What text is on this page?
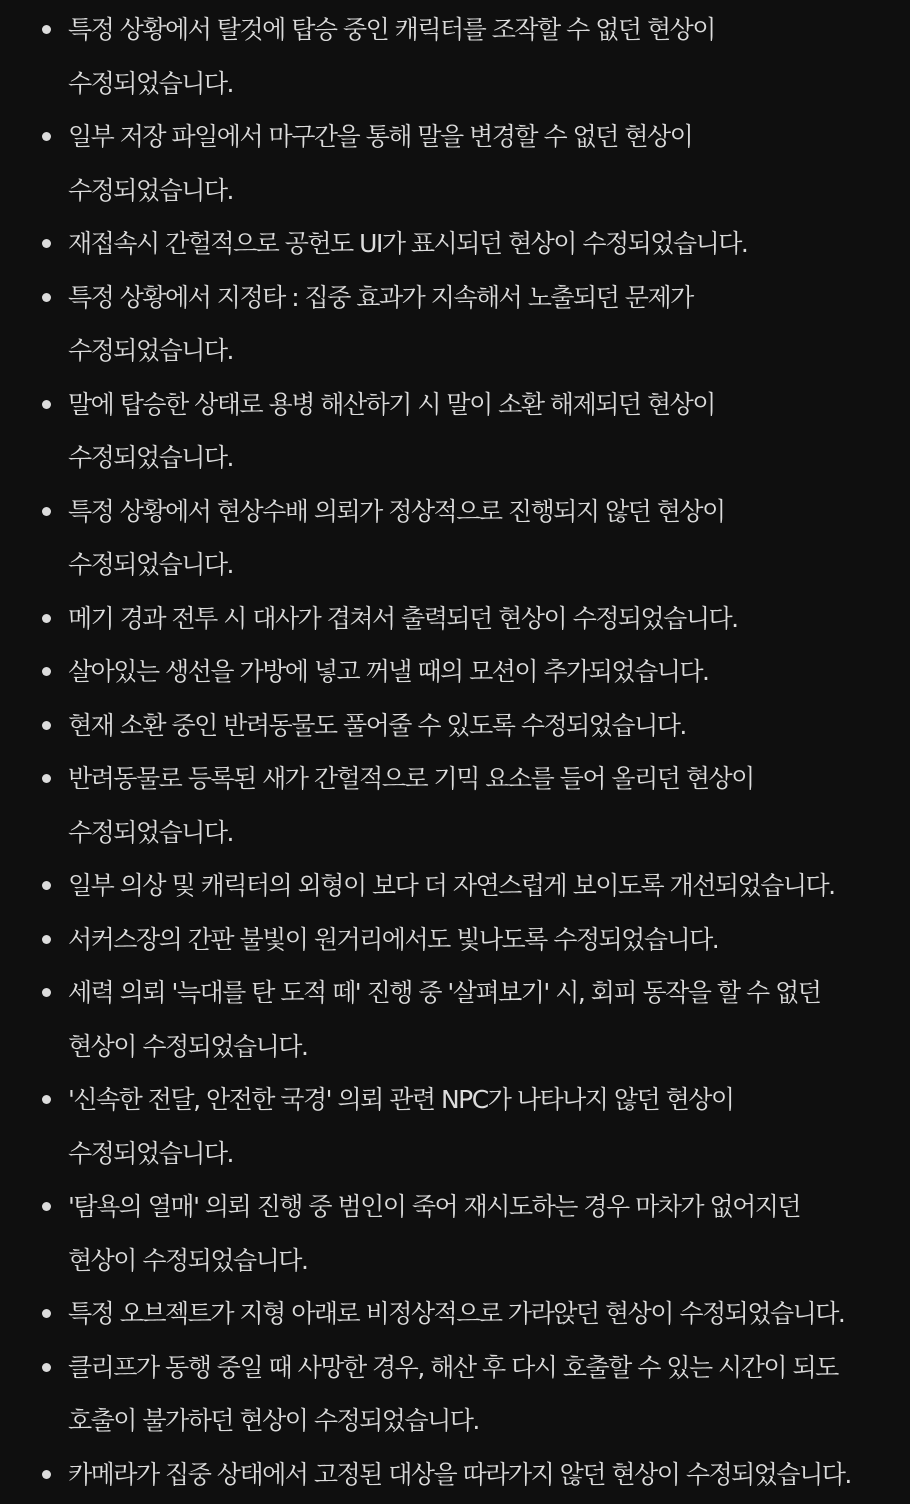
특정 상황에서 탈것에 탑승 중인 캐릭터를 조작할 수 없던 현상이
수정되었습니다.
일부 저장 파일에서 마구간을 통해 말을 변경할 수 없던 현상이
수정되었습니다.
재접속시 간헐적으로 공헌도 UI가 표시되던 현상이 수정되었습니다.
특정 상황에서 지정타 : 집중 효과가 지속해서 노출되던 문제가
수정되었습니다.
말에 탑승한 상태로 용병 해산하기 시 말이 소환 해제되던 현상이
수정되었습니다.
특정 상황에서 현상수배 의뢰가 정상적으로 진행되지 않던 현상이
수정되었습니다.
메기 경과 전투 시 대사가 겹쳐서 출력되던 현상이 수정되었습니다.
살아있는 생선을 가방에 넣고 꺼낼 때의 모션이 추가되었습니다.
현재 소환 중인 반려동물도 풀어줄 수 있도록 수정되었습니다.
반려동물로 등록된 새가 간헐적으로 기믹 요소를 들어 올리던 현상이
수정되었습니다.
일부 의상 및 캐릭터의 외형이 보다 더 자연스럽게 보이도록 개선되었습니다.
서커스장의 간판 불빛이 원거리에서도 빛나도록 수정되었습니다.
세력 의뢰 '늑대를 탄 도적 떼' 진행 중 '살펴보기' 시, 회피 동작을 할 수 없던
현상이 수정되었습니다.
'신속한 전달, 안전한 국경' 의뢰 관련 NPC가 나타나지 않던 현상이
수정되었습니다.
'탐욕의 열매' 의뢰 진행 중 범인이 죽어 재시도하는 경우 마차가 없어지던
현상이 수정되었습니다.
특정 오브젝트가 지형 아래로 비정상적으로 가라앉던 현상이 수정되었습니다.
클리프가 동행 중일 때 사망한 경우, 해산 후 다시 호출할 수 있는 시간이 되도
호출이 불가하던 현상이 수정되었습니다.
카메라가 집중 상태에서 고정된 대상을 따라가지 않던 현상이 수정되었습니다.
